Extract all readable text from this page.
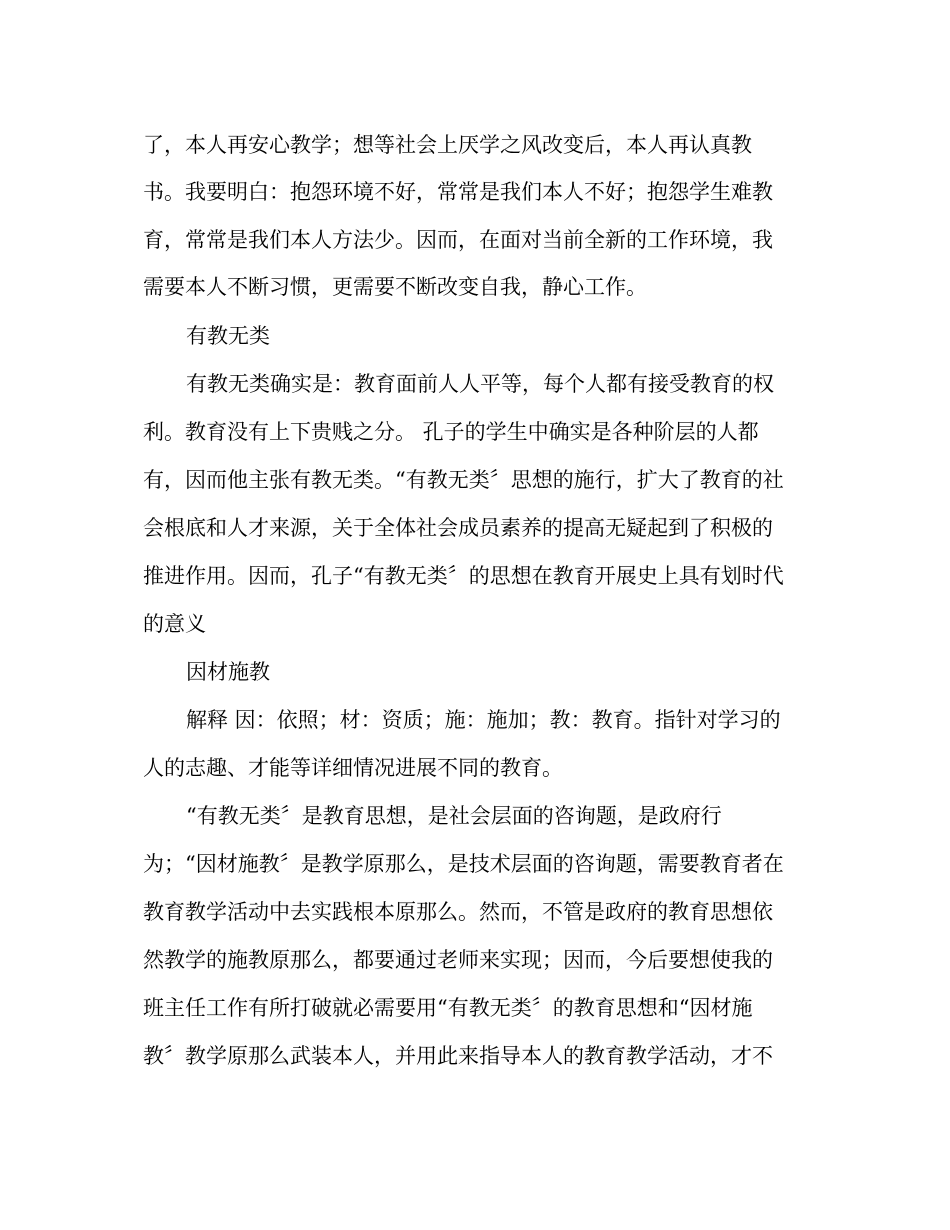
了，本人再安心教学；想等社会上厌学之风改变后，本人再认真教

书。我要明白：抱怨环境不好，常常是我们本人不好；抱怨学生难教

育，常常是我们本人方法少。因而，在面对当前全新的工作环境，我

需要本人不断习惯，更需要不断改变自我，静心工作。

有教无类

有教无类确实是：教育面前人人平等，每个人都有接受教育的权

利。教育没有上下贵贱之分。 孔子的学生中确实是各种阶层的人都

有，因而他主张有教无类。“有教无类〞思想的施行，扩大了教育的社

会根底和人才来源，关于全体社会成员素养的提高无疑起到了积极的

推进作用。因而，孔子“有教无类〞的思想在教育开展史上具有划时代

的意义

因材施教

解释 因：依照；材：资质；施：施加；教：教育。指针对学习的

人的志趣、才能等详细情况进展不同的教育。

“有教无类〞是教育思想，是社会层面的咨询题，是政府行

为；“因材施教〞是教学原那么，是技术层面的咨询题，需要教育者在

教育教学活动中去实践根本原那么。然而，不管是政府的教育思想依

然教学的施教原那么，都要通过老师来实现；因而，今后要想使我的

班主任工作有所打破就必需要用“有教无类〞的教育思想和“因材施

教〞教学原那么武装本人，并用此来指导本人的教育教学活动，才不
